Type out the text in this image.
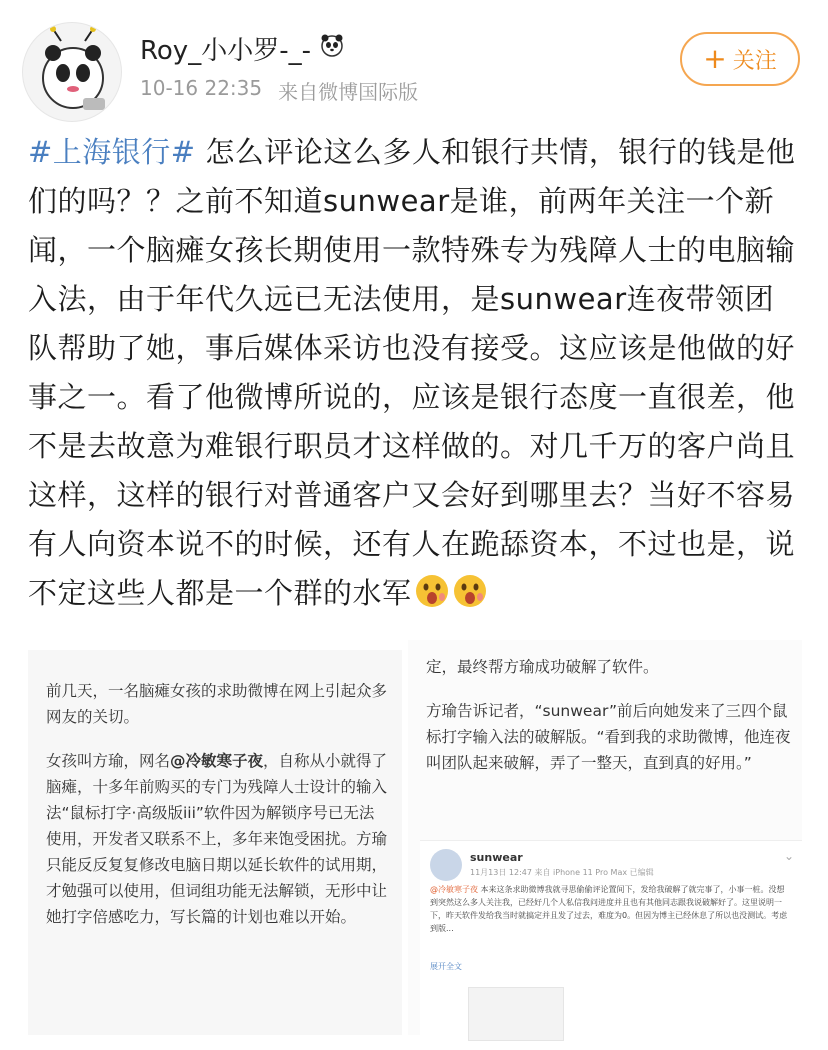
Roy_小小罗-_-
10-16 22:35 来自微博国际版
+ 关注
#上海银行# 怎么评论这么多人和银行共情，银行的钱是他们的吗？？之前不知道sunwear是谁，前两年关注一个新闻，一个脑瘫女孩长期使用一款特殊专为残障人士的电脑输入法，由于年代久远已无法使用，是sunwear连夜带领团队帮助了她，事后媒体采访也没有接受。这应该是他做的好事之一。看了他微博所说的，应该是银行态度一直很差，他不是去故意为难银行职员才这样做的。对几千万的客户尚且这样，这样的银行对普通客户又会好到哪里去？当好不容易有人向资本说不的时候，还有人在跪舔资本，不过也是，说不定这些人都是一个群的水军

前几天，一名脑瘫女孩的求助微博在网上引起众多网友的关切。

女孩叫方瑜，网名@冷敏寒子夜，自称从小就得了脑瘫，十多年前购买的专门为残障人士设计的输入法“鼠标打字·高级版iii”软件因为解锁序号已无法使用，开发者又联系不上，多年来饱受困扰。方瑜只能反反复复修改电脑日期以延长软件的试用期，才勉强可以使用，但词组功能无法解锁，无形中让她打字倍感吃力，写长篇的计划也难以开始。

定，最终帮方瑜成功破解了软件。

方瑜告诉记者，“sunwear”前后向她发来了三四个鼠标打字输入法的破解版。“看到我的求助微博，他连夜叫团队起来破解，弄了一整天，直到真的好用。”

sunwear
11月13日 12:47 来自 iPhone 11 Pro Max 已编辑
⌄
@冷敏寒子夜 本来这条求助微博我就寻思偷偷评论置间下，发给我破解了就完事了，小事一桩。没想到突然这么多人关注我，已经好几个人私信我问进度并且也有其他同志跟我说破解好了。这里说明一下，昨天软件发给我当时就搞定并且发了过去，难度为0。但因为博主已经休息了所以也没测试。考虑到版...
展开全文
